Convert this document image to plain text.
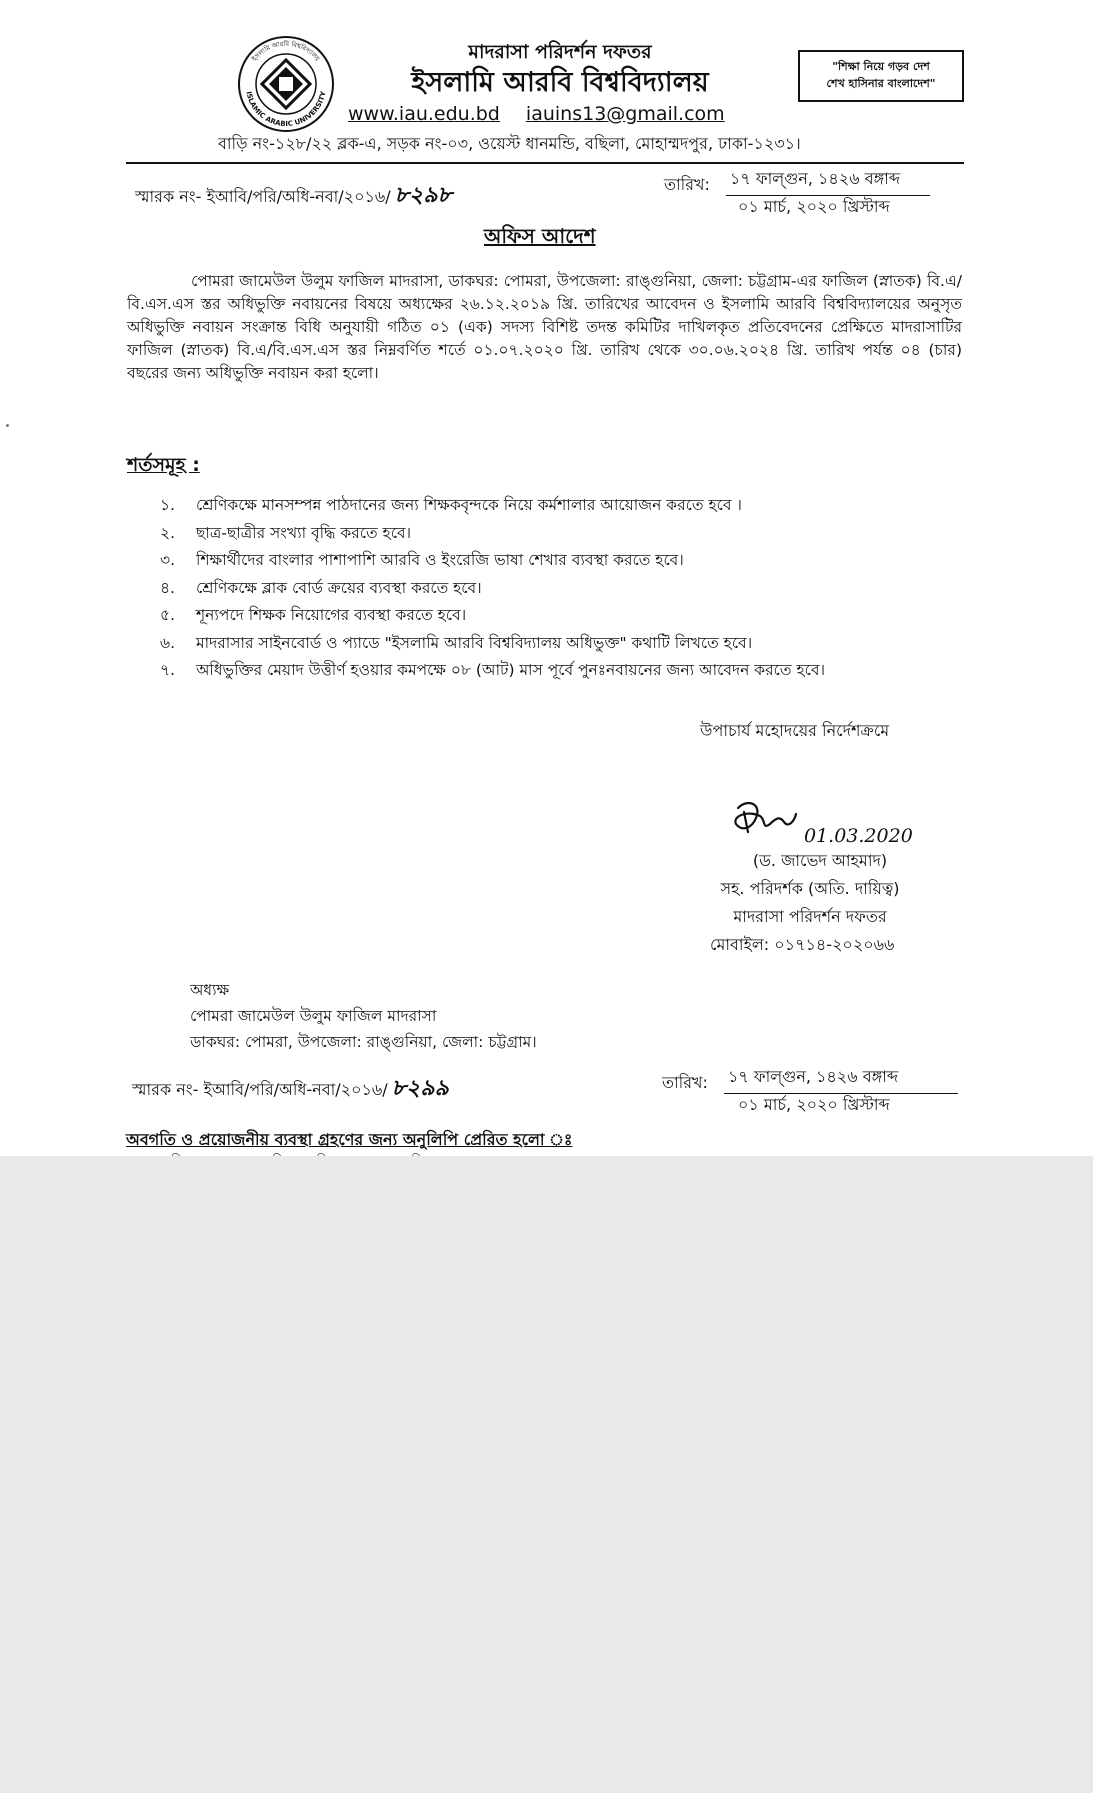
ISLAMIC ARABIC UNIVERSITY
ইসলামি আরবি বিশ্ববিদ্যালয়	মাদরাসা পরিদর্শন দফতর
ইসলামি আরবি বিশ্ববিদ্যালয়
www.iau.edu.bd iauins13@gmail.com
বাড়ি নং-১২৮/২২ ব্লক-এ, সড়ক নং-০৩, ওয়েস্ট ধানমন্ডি, বছিলা, মোহাম্মদপুর, ঢাকা-১২৩১।
"শিক্ষা নিয়ে গড়ব দেশ
শেখ হাসিনার বাংলাদেশ"
স্মারক নং- ইআবি/পরি/অধি-নবা/২০১৬/ ৮২৯৮	তারিখ: ১৭ ফাল্গুন, ১৪২৬ বঙ্গাব্দ
০১ মার্চ, ২০২০ খ্রিস্টাব্দ
অফিস আদেশ
পোমরা জামেউল উলুম ফাজিল মাদরাসা, ডাকঘর: পোমরা, উপজেলা: রাঙ্গুনিয়া, জেলা: চট্টগ্রাম-এর ফাজিল (স্নাতক) বি.এ/বি.এস.এস স্তর অধিভুক্তি নবায়নের বিষয়ে অধ্যক্ষের ২৬.১২.২০১৯ খ্রি. তারিখের আবেদন ও ইসলামি আরবি বিশ্ববিদ্যালয়ের অনুসৃত অধিভুক্তি নবায়ন সংক্রান্ত বিধি অনুযায়ী গঠিত ০১ (এক) সদস্য বিশিষ্ট তদন্ত কমিটির দাখিলকৃত প্রতিবেদনের প্রেক্ষিতে মাদরাসাটির ফাজিল (স্নাতক) বি.এ/বি.এস.এস স্তর নিম্নবর্ণিত শর্তে ০১.০৭.২০২০ খ্রি. তারিখ থেকে ৩০.০৬.২০২৪ খ্রি. তারিখ পর্যন্ত ০৪ (চার) বছরের জন্য অধিভুক্তি নবায়ন করা হলো।
শর্তসমূহ :
১.	শ্রেণিকক্ষে মানসম্পন্ন পাঠদানের জন্য শিক্ষকবৃন্দকে নিয়ে কর্মশালার আয়োজন করতে হবে ।
২.	ছাত্র-ছাত্রীর সংখ্যা বৃদ্ধি করতে হবে।
৩.	শিক্ষার্থীদের বাংলার পাশাপাশি আরবি ও ইংরেজি ভাষা শেখার ব্যবস্থা করতে হবে।
৪.	শ্রেণিকক্ষে ব্লাক বোর্ড ক্রয়ের ব্যবস্থা করতে হবে।
৫.	শূন্যপদে শিক্ষক নিয়োগের ব্যবস্থা করতে হবে।
৬.	মাদরাসার সাইনবোর্ড ও প্যাডে "ইসলামি আরবি বিশ্ববিদ্যালয় অধিভুক্ত" কথাটি লিখতে হবে।
৭.	অধিভুক্তির মেয়াদ উত্তীর্ণ হওয়ার কমপক্ষে ০৮ (আট) মাস পূর্বে পুনঃনবায়নের জন্য আবেদন করতে হবে।
উপাচার্য মহোদয়ের নির্দেশক্রমে
01.03.2020
(ড. জাভেদ আহমাদ)
সহ. পরিদর্শক (অতি. দায়িত্ব)
মাদরাসা পরিদর্শন দফতর
মোবাইল: ০১৭১৪-২০২০৬৬
অধ্যক্ষ
পোমরা জামেউল উলুম ফাজিল মাদরাসা
ডাকঘর: পোমরা, উপজেলা: রাঙ্গুনিয়া, জেলা: চট্টগ্রাম।
স্মারক নং- ইআবি/পরি/অধি-নবা/২০১৬/ ৮২৯৯	তারিখ: ১৭ ফাল্গুন, ১৪২৬ বঙ্গাব্দ
০১ মার্চ, ২০২০ খ্রিস্টাব্দ
অবগতি ও প্রয়োজনীয় ব্যবস্থা গ্রহণের জন্য অনুলিপি প্রেরিত হলো ঃ
